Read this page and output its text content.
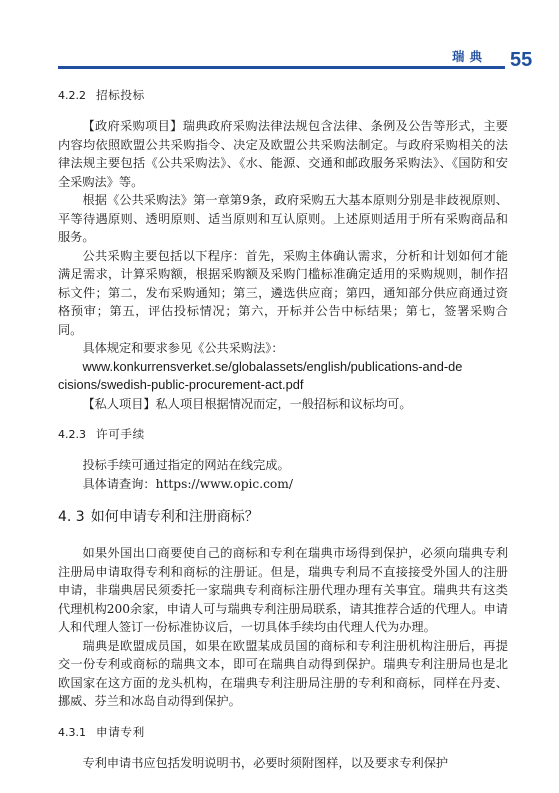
瑞典	55
4.2.2 招标投标

【政府采购项目】瑞典政府采购法律法规包含法律、条例及公告等形式，主要内容均依照欧盟公共采购指令、决定及欧盟公共采购法制定。与政府采购相关的法律法规主要包括《公共采购法》、《水、能源、交通和邮政服务采购法》、《国防和安全采购法》等。

根据《公共采购法》第一章第9条，政府采购五大基本原则分别是非歧视原则、平等待遇原则、透明原则、适当原则和互认原则。上述原则适用于所有采购商品和服务。

公共采购主要包括以下程序：首先，采购主体确认需求，分析和计划如何才能满足需求，计算采购额，根据采购额及采购门槛标准确定适用的采购规则，制作招标文件；第二，发布采购通知；第三，遴选供应商；第四，通知部分供应商通过资格预审；第五，评估投标情况；第六，开标并公告中标结果；第七，签署采购合同。

具体规定和要求参见《公共采购法》：

www.konkurrensverket.se/globalassets/english/publications-and-de

cisions/swedish-public-procurement-act.pdf

【私人项目】私人项目根据情况而定，一般招标和议标均可。

4.2.3 许可手续

投标手续可通过指定的网站在线完成。

具体请查询：https://www.opic.com/

4. 3 如何申请专利和注册商标？

如果外国出口商要使自己的商标和专利在瑞典市场得到保护，必须向瑞典专利注册局申请取得专利和商标的注册证。但是，瑞典专利局不直接接受外国人的注册申请，非瑞典居民须委托一家瑞典专利商标注册代理办理有关事宜。瑞典共有这类代理机构200余家，申请人可与瑞典专利注册局联系，请其推荐合适的代理人。申请人和代理人签订一份标准协议后，一切具体手续均由代理人代为办理。

瑞典是欧盟成员国，如果在欧盟某成员国的商标和专利注册机构注册后，再提交一份专利或商标的瑞典文本，即可在瑞典自动得到保护。瑞典专利注册局也是北欧国家在这方面的龙头机构，在瑞典专利注册局注册的专利和商标，同样在丹麦、挪威、芬兰和冰岛自动得到保护。

4.3.1 申请专利

专利申请书应包括发明说明书，必要时须附图样，以及要求专利保护
